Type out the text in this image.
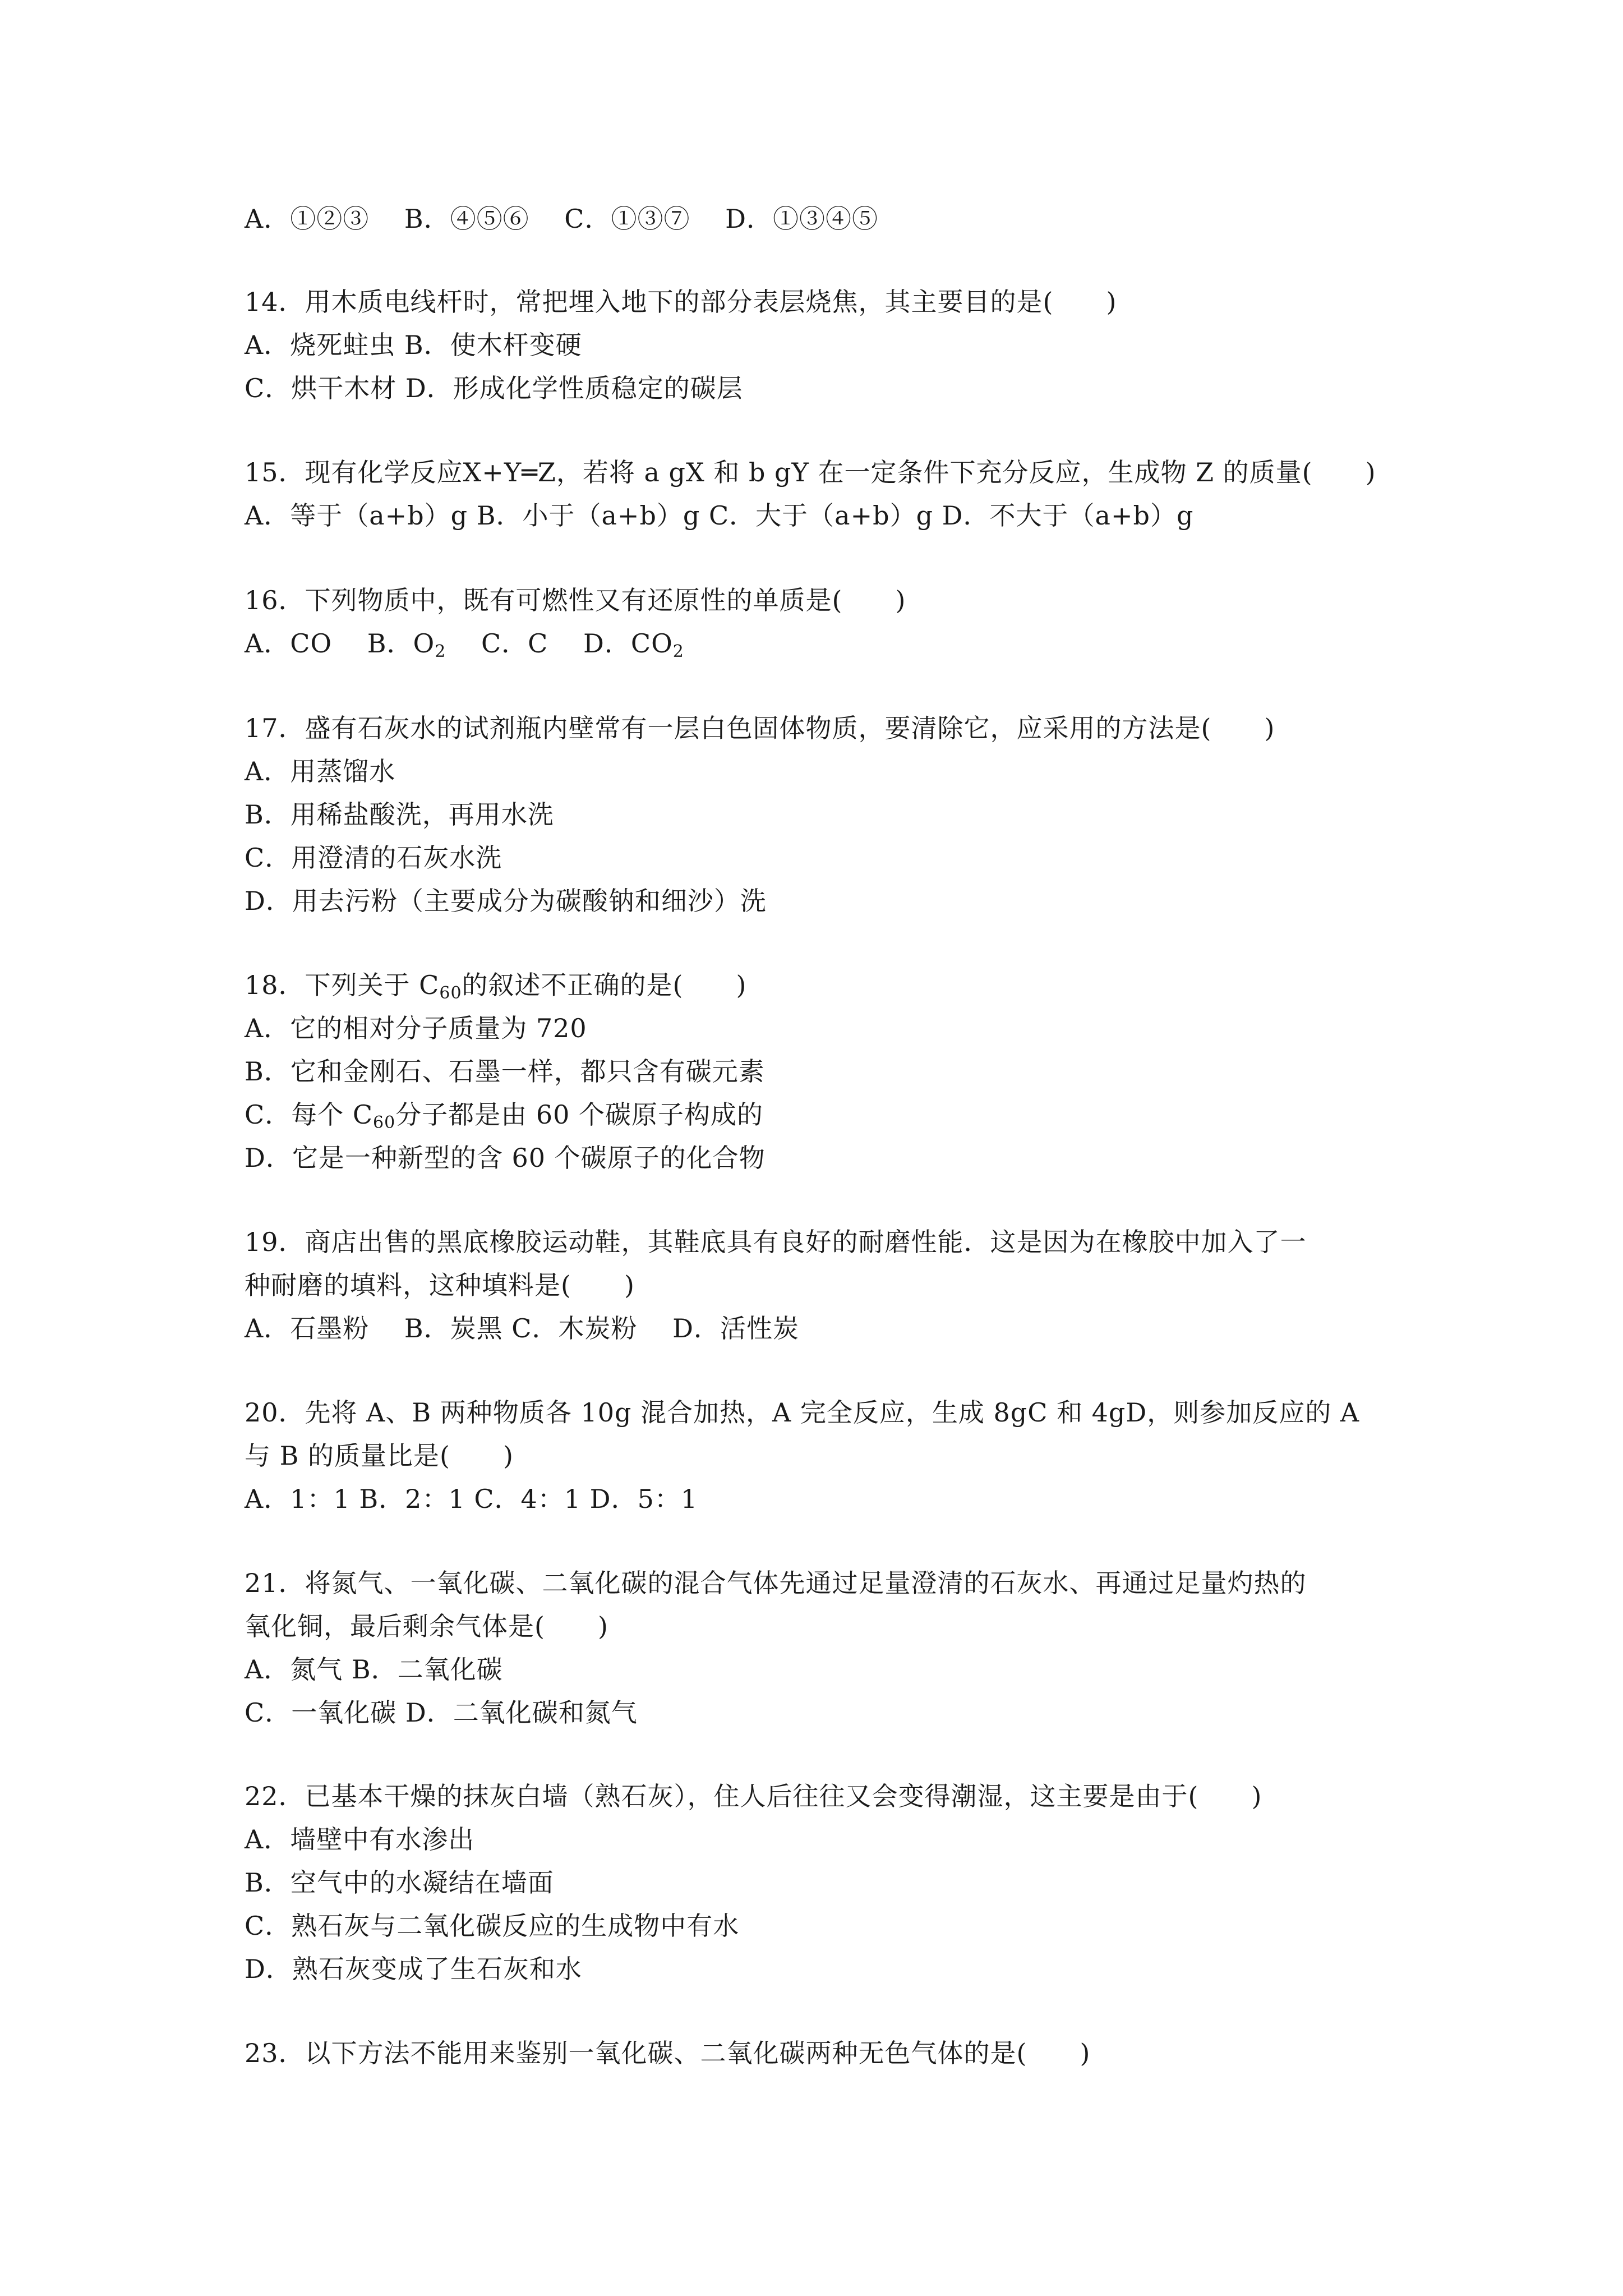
A．①②③　 B．④⑤⑥　 C．①③⑦　 D．①③④⑤
14．用木质电线杆时，常把埋入地下的部分表层烧焦，其主要目的是(　　)
A．烧死蛀虫 B．使木杆变硬
C．烘干木材 D．形成化学性质稳定的碳层
15．现有化学反应X+Y═Z，若将 a gX 和 b gY 在一定条件下充分反应，生成物 Z 的质量(　　)
A．等于（a+b）g B．小于（a+b）g C．大于（a+b）g D．不大于（a+b）g
16．下列物质中，既有可燃性又有还原性的单质是(　　)
A．CO　 B．$O_2$　 C．C　 D．$CO_2$
17．盛有石灰水的试剂瓶内壁常有一层白色固体物质，要清除它，应采用的方法是(　　)
A．用蒸馏水
B．用稀盐酸洗，再用水洗
C．用澄清的石灰水洗
D．用去污粉（主要成分为碳酸钠和细沙）洗
18．下列关于 $C_{60}$的叙述不正确的是(　　)
A．它的相对分子质量为 720
B．它和金刚石、石墨一样，都只含有碳元素
C．每个 $C_{60}$分子都是由 60 个碳原子构成的
D．它是一种新型的含 60 个碳原子的化合物
19．商店出售的黑底橡胶运动鞋，其鞋底具有良好的耐磨性能．这是因为在橡胶中加入了一
种耐磨的填料，这种填料是(　　)
A．石墨粉　 B．炭黑 C．木炭粉　 D．活性炭
20．先将 A、B 两种物质各 10g 混合加热，A 完全反应，生成 8gC 和 4gD，则参加反应的 A
与 B 的质量比是(　　)
A．1：1 B．2：1 C．4：1 D．5：1
21．将氮气、一氧化碳、二氧化碳的混合气体先通过足量澄清的石灰水、再通过足量灼热的
氧化铜，最后剩余气体是(　　)
A．氮气 B．二氧化碳
C．一氧化碳 D．二氧化碳和氮气
22．已基本干燥的抹灰白墙（熟石灰），住人后往往又会变得潮湿，这主要是由于(　　)
A．墙壁中有水渗出
B．空气中的水凝结在墙面
C．熟石灰与二氧化碳反应的生成物中有水
D．熟石灰变成了生石灰和水
23．以下方法不能用来鉴别一氧化碳、二氧化碳两种无色气体的是(　　)
